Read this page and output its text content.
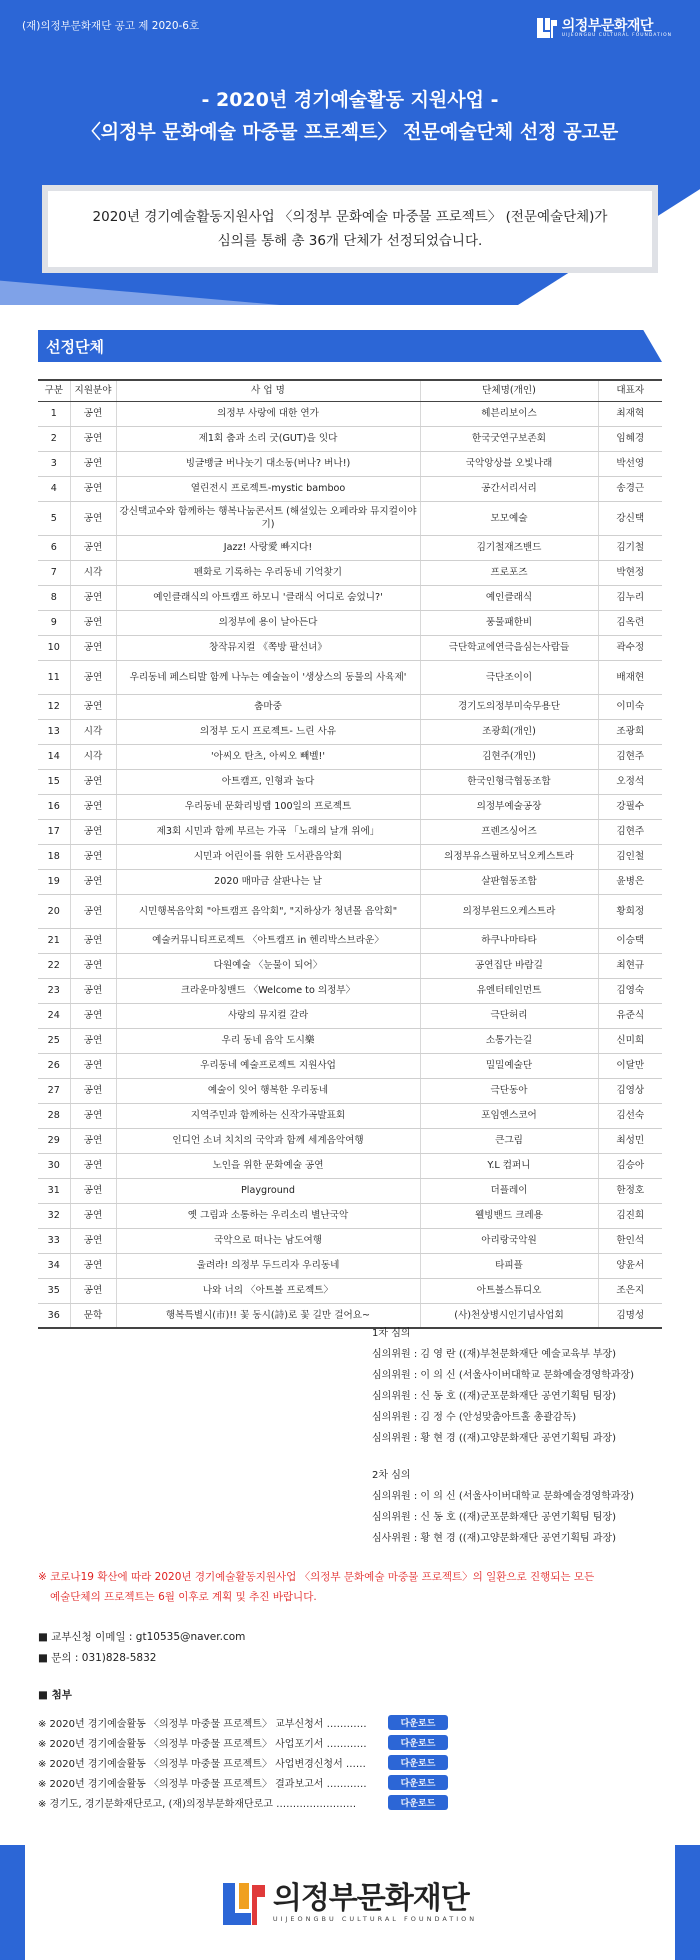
(재)의정부문화재단 공고 제 2020-6호	의정부문화재단
UIJEONGBU CULTURAL FOUNDATION
- 2020년 경기예술활동 지원사업 -
〈의정부 문화예술 마중물 프로젝트〉 전문예술단체 선정 공고문

2020년 경기예술활동지원사업 〈의정부 문화예술 마중물 프로젝트〉 (전문예술단체)가

심의를 통해 총 36개 단체가 선정되었습니다.

선정단체
구분	지원분야	사 업 명	단체명(개인)	대표자
1	공연	의정부 사랑에 대한 연가	헤븐리보이스	최재혁
2	공연	제1회 춤과 소리 굿(GUT)을 잇다	한국굿연구보존회	임혜경
3	공연	빙글뱅글 버나놋기 대소동(버나? 버나!)	국악앙상블 오빛나래	박선영
4	공연	열린전시 프로젝트-mystic bamboo	공간서리서리	송경근
5	공연	강신택교수와 함께하는 행복나눔콘서트 (해설있는 오페라와 뮤지컬이야기)	모모예술	강신택
6	공연	Jazz! 사랑愛 빠지다!	김기철재즈밴드	김기철
7	시각	펜화로 기록하는 우리동네 기억찾기	프로포즈	박현정
8	공연	예인클래식의 아트캠프 하모니 '클래식 어디로 숨었니?'	예인클래식	김누리
9	공연	의정부에 용이 날아든다	풍물패한비	김옥련
10	공연	창작뮤지컬 《쪽방 팔선녀》	극단학교에연극을심는사람들	곽수정
11	공연	우리동네 페스티발 함께 나누는 예술놀이 '생상스의 동물의 사육제'	극단조이이	배재현
12	공연	춤마중	경기도의정부미숙무용단	이미숙
13	시각	의정부 도시 프로젝트- 느린 사유	조광희(개인)	조광희
14	시각	'아씨오 탄츠, 아씨오 빼벨!'	김현주(개인)	김현주
15	공연	아트캠프, 인형과 놀다	한국인형극협동조합	오정석
16	공연	우리동네 문화리빙랩 100일의 프로젝트	의정부예술공장	강필수
17	공연	제3회 시민과 함께 부르는 가곡 「노래의 날개 위에」	프렌즈싱어즈	김현주
18	공연	시민과 어린이를 위한 도서관음악회	의정부유스필하모닉오케스트라	김인철
19	공연	2020 매마금 살판나는 날	살판협동조합	윤병은
20	공연	시민행복음악회 "아트캠프 음악회", "지하상가 청년몰 음악회"	의정부윈드오케스트라	황희정
21	공연	예술커뮤니티프로젝트 〈아트캠프 in 헨리박스브라운〉	하쿠나마타타	이승택
22	공연	다원예술 〈눈물이 되어〉	공연집단 바람길	최현규
23	공연	크라운마칭밴드 〈Welcome to 의정부〉	유엔터테인먼트	김영숙
24	공연	사랑의 뮤지컬 갈라	극단허리	유준식
25	공연	우리 동네 음악 도시樂	소통가는길	신미희
26	공연	우리동네 예술프로젝트 지원사업	밀밀예술단	이달만
27	공연	예술이 잇어 행복한 우리동네	극단동아	김영상
28	공연	지역주민과 함께하는 신작가곡발표회	포임엔스코어	김선숙
29	공연	인디언 소녀 치치의 국악과 함께 세계음악여행	큰그림	최성민
30	공연	노인을 위한 문화예술 공연	Y.L 컴퍼니	김승아
31	공연	Playground	더플레이	한정호
32	공연	옛 그림과 소통하는 우리소리 별난국악	웰빙밴드 크레용	김진희
33	공연	국악으로 떠나는 남도여행	아리랑국악원	한인석
34	공연	울려라! 의정부 두드리자 우리동네	타피플	양윤서
35	공연	나와 너의 〈아트볼 프로젝트〉	아트볼스튜디오	조은지
36	문학	행복특별시(市)!! 꽃 동시(詩)로 꽃 길만 걸어요~	(사)천상병시인기념사업회	김명성
1차 심의
심의위원 : 김 영 란 ((재)부천문화재단 예술교육부 부장)
심의위원 : 이 의 신 (서울사이버대학교 문화예술경영학과장)
심의위원 : 신 동 호 ((재)군포문화재단 공연기획팀 팀장)
심의위원 : 김 정 수 (안성맞춤아트홀 총괄감독)
심의위원 : 황 현 경 ((재)고양문화재단 공연기획팀 과장)
2차 심의
심의위원 : 이 의 신 (서울사이버대학교 문화예술경영학과장)
심의위원 : 신 동 호 ((재)군포문화재단 공연기획팀 팀장)
심사위원 : 황 현 경 ((재)고양문화재단 공연기획팀 과장)
※ 코로나19 확산에 따라 2020년 경기예술활동지원사업 〈의정부 문화예술 마중물 프로젝트〉의 일환으로 진행되는 모든
예술단체의 프로젝트는 6월 이후로 계획 및 추진 바랍니다.
■ 교부신청 이메일 : gt10535@naver.com
■ 문의 : 031)828-5832
■ 첨부
※ 2020년 경기예술활동 〈의정부 마중물 프로젝트〉 교부신청서 …………	다운로드
※ 2020년 경기예술활동 〈의정부 마중물 프로젝트〉 사업포기서 …………	다운로드
※ 2020년 경기예술활동 〈의정부 마중물 프로젝트〉 사업변경신청서 ……	다운로드
※ 2020년 경기예술활동 〈의정부 마중물 프로젝트〉 결과보고서 …………	다운로드
※ 경기도, 경기문화재단로고, (재)의정부문화재단로고 ……………………	다운로드
의정부문화재단
UIJEONGBU CULTURAL FOUNDATION
